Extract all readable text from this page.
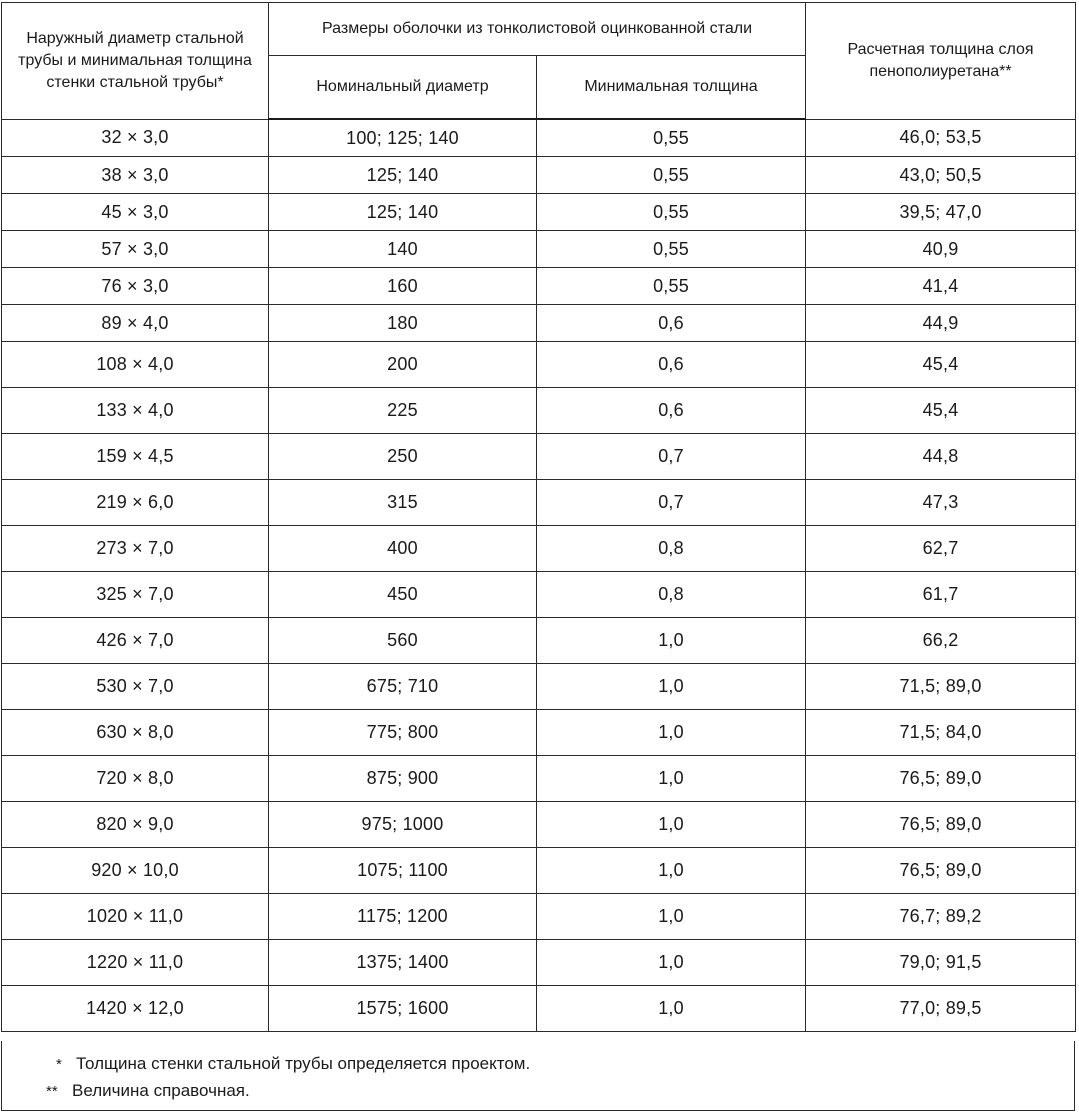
Наружный диаметр стальной трубы и минимальная толщина стенки стальной трубы*	Размеры оболочки из тонколистовой оцинкованной стали		Расчетная толщина слоя пенополиуретана**
	Номинальный диаметр	Минимальная толщина	
32 × 3,0	100; 125; 140	0,55	46,0; 53,5
38 × 3,0	125; 140	0,55	43,0; 50,5
45 × 3,0	125; 140	0,55	39,5; 47,0
57 × 3,0	140	0,55	40,9
76 × 3,0	160	0,55	41,4
89 × 4,0	180	0,6	44,9
108 × 4,0	200	0,6	45,4
133 × 4,0	225	0,6	45,4
159 × 4,5	250	0,7	44,8
219 × 6,0	315	0,7	47,3
273 × 7,0	400	0,8	62,7
325 × 7,0	450	0,8	61,7
426 × 7,0	560	1,0	66,2
530 × 7,0	675; 710	1,0	71,5; 89,0
630 × 8,0	775; 800	1,0	71,5; 84,0
720 × 8,0	875; 900	1,0	76,5; 89,0
820 × 9,0	975; 1000	1,0	76,5; 89,0
920 × 10,0	1075; 1100	1,0	76,5; 89,0
1020 × 11,0	1175; 1200	1,0	76,7; 89,2
1220 × 11,0	1375; 1400	1,0	79,0; 91,5
1420 × 12,0	1575; 1600	1,0	77,0; 89,5
* Толщина стенки стальной трубы определяется проектом.
** Величина справочная.
